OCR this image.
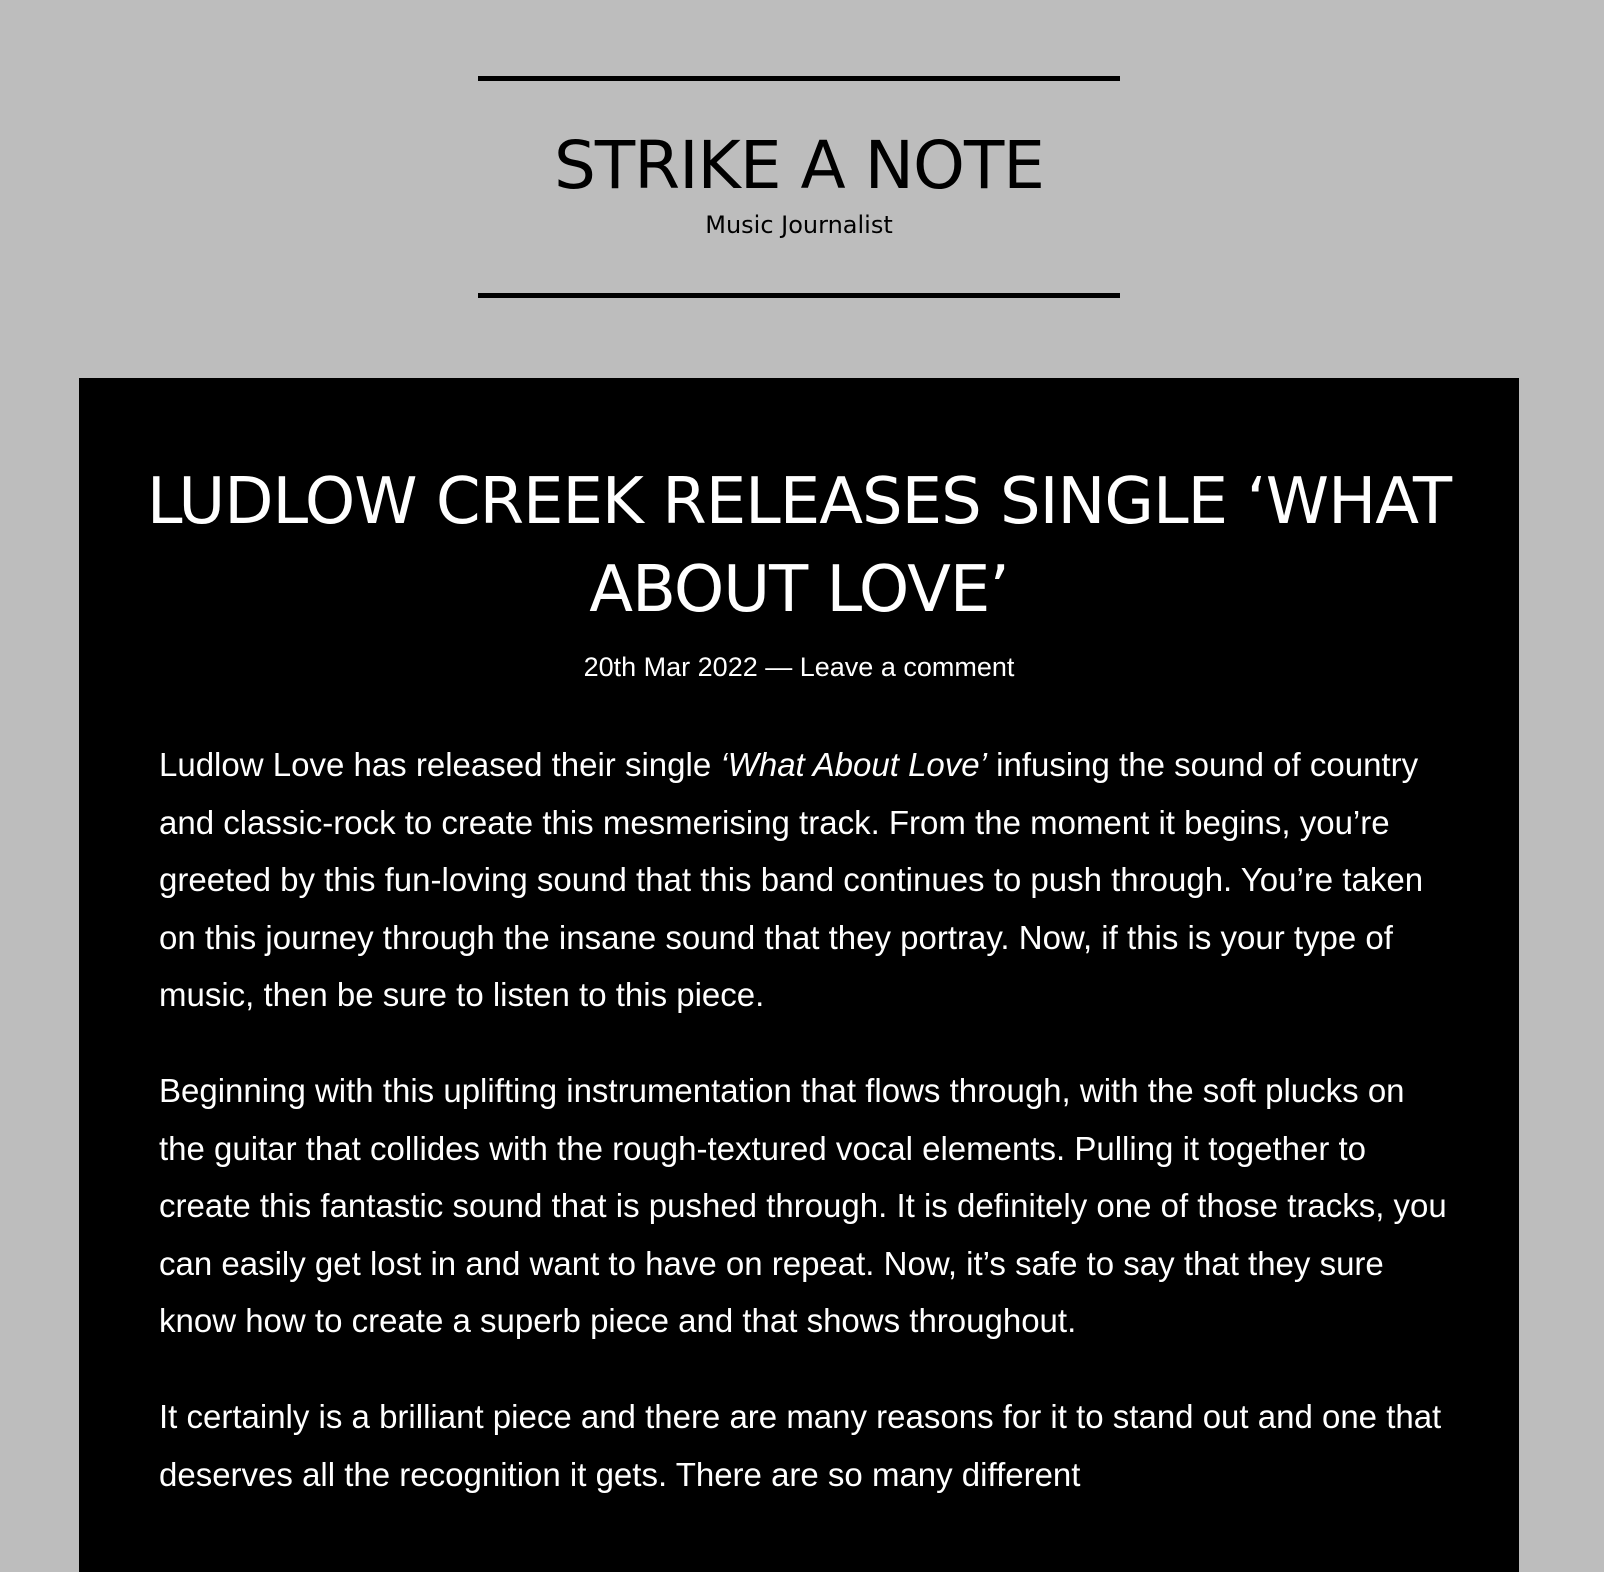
STRIKE A NOTE
Music Journalist
LUDLOW CREEK RELEASES SINGLE ‘WHAT ABOUT LOVE’
20th Mar 2022 — Leave a comment

Ludlow Love has released their single ‘What About Love’ infusing the sound of country and classic-rock to create this mesmerising track. From the moment it begins, you’re greeted by this fun-loving sound that this band continues to push through. You’re taken on this journey through the insane sound that they portray. Now, if this is your type of music, then be sure to listen to this piece.

Beginning with this uplifting instrumentation that flows through, with the soft plucks on the guitar that collides with the rough-textured vocal elements. Pulling it together to create this fantastic sound that is pushed through. It is definitely one of those tracks, you can easily get lost in and want to have on repeat. Now, it’s safe to say that they sure know how to create a superb piece and that shows throughout.

It certainly is a brilliant piece and there are many reasons for it to stand out and one that deserves all the recognition it gets. There are so many different
